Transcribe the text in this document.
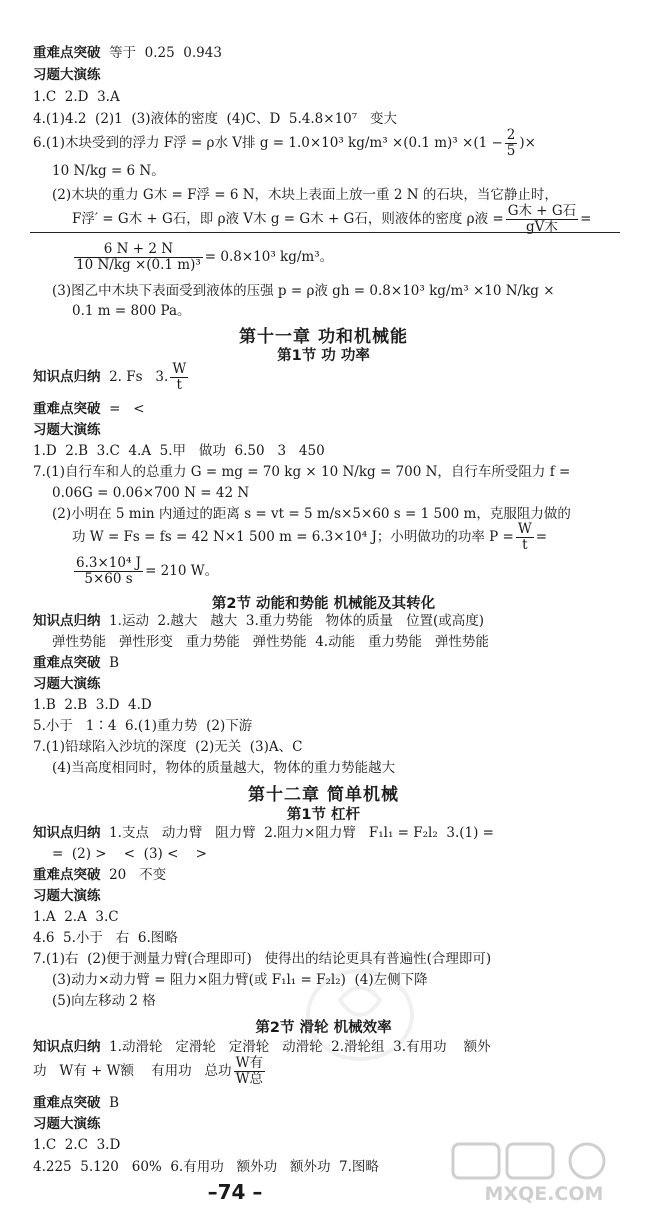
重难点突破  等于  0.25  0.943
习题大演练
1.C  2.D  3.A
4.(1)4.2  (2)1  (3)液体的密度  (4)C、D  5.4.8×10⁷   变大
6.(1)木块受到的浮力 F浮 = ρ水 V排 g = 1.0×10³ kg/m³ ×(0.1 $m)^3 \times(1 - \frac{2}{5}$ )×
10 N/kg = 6 N。
(2)木块的重力 G木 = F浮 = 6 N，木块上表面上放一重 2 N 的石块，当它静止时，
F浮′ = G木 + G石，即 ρ液 V木 g = G木 + G石，则液体的密度 ρ液 = $\frac{\text{G木 + G石}}{\text{gV木}}$ =
$\frac{6 N + 2 N}{\text{10 N/kg ×(0.1 m)³}} = 0.8\times 10^3$ kg/m³。
(3)图乙中木块下表面受到液体的压强 p = ρ液 gh = 0.8×10³ kg/m³ ×10 N/kg ×
0.1 m = 800 Pa。
第十一章 功和机械能
第1节 功 功率
知识点归纳  2. Fs   3. $\frac{W}{t}$
重难点突破  =   <
习题大演练
1.D  2.B  3.C  4.A  5.甲   做功  6.50   3   450
7.(1)自行车和人的总重力 G = mg = 70 kg × 10 N/kg = 700 N，自行车所受阻力 f =
0.06G = 0.06×700 N = 42 N
(2)小明在 5 min 内通过的距离 s = vt = 5 m/s×5×60 s = 1 500 m，克服阻力做的
功 W = Fs = fs = 42 N×1 500 m = 6.3×10⁴ J；小明做功的功率 $P = \frac{W}{t}$ =
$\frac{\text{6.3×10⁴ J}}{5\times 60 s} = 210$ W。
第2节 动能和势能 机械能及其转化
知识点归纳  1.运动  2.越大   越大  3.重力势能   物体的质量   位置(或高度)
弹性势能   弹性形变   重力势能   弹性势能  4.动能   重力势能   弹性势能
重难点突破  B
习题大演练
1.B  2.B  3.D  4.D
5.小于   1∶4  6.(1)重力势  (2)下游
7.(1)铅球陷入沙坑的深度  (2)无关  (3)A、C
(4)当高度相同时，物体的质量越大，物体的重力势能越大
第十二章 简单机械
第1节 杠杆
知识点归纳  1.支点   动力臂   阻力臂  2.阻力×阻力臂   F₁l₁ = F₂l₂  3.(1) =
=  (2) >    <  (3) <    >
重难点突破  20   不变
习题大演练
1.A  2.A  3.C
4.6  5.小于   右  6.图略
7.(1)右  (2)便于测量力臂(合理即可)   使得出的结论更具有普遍性(合理即可)
(3)动力×动力臂 = 阻力×阻力臂(或 F₁l₁ = F₂l₂)  (4)左侧下降
(5)向左移动 2 格
第2节 滑轮 机械效率
知识点归纳  1.动滑轮   定滑轮   定滑轮   动滑轮  2.滑轮组  3.有用功    额外
功   W有 + W额    有用功   总功 $\frac{\text{W有}}{\text{W总}}$
重难点突破  B
习题大演练
1.C  2.C  3.D
4.225  5.120   60%  6.有用功   额外功   额外功  7.图略
–74 –	MXQE.COM
